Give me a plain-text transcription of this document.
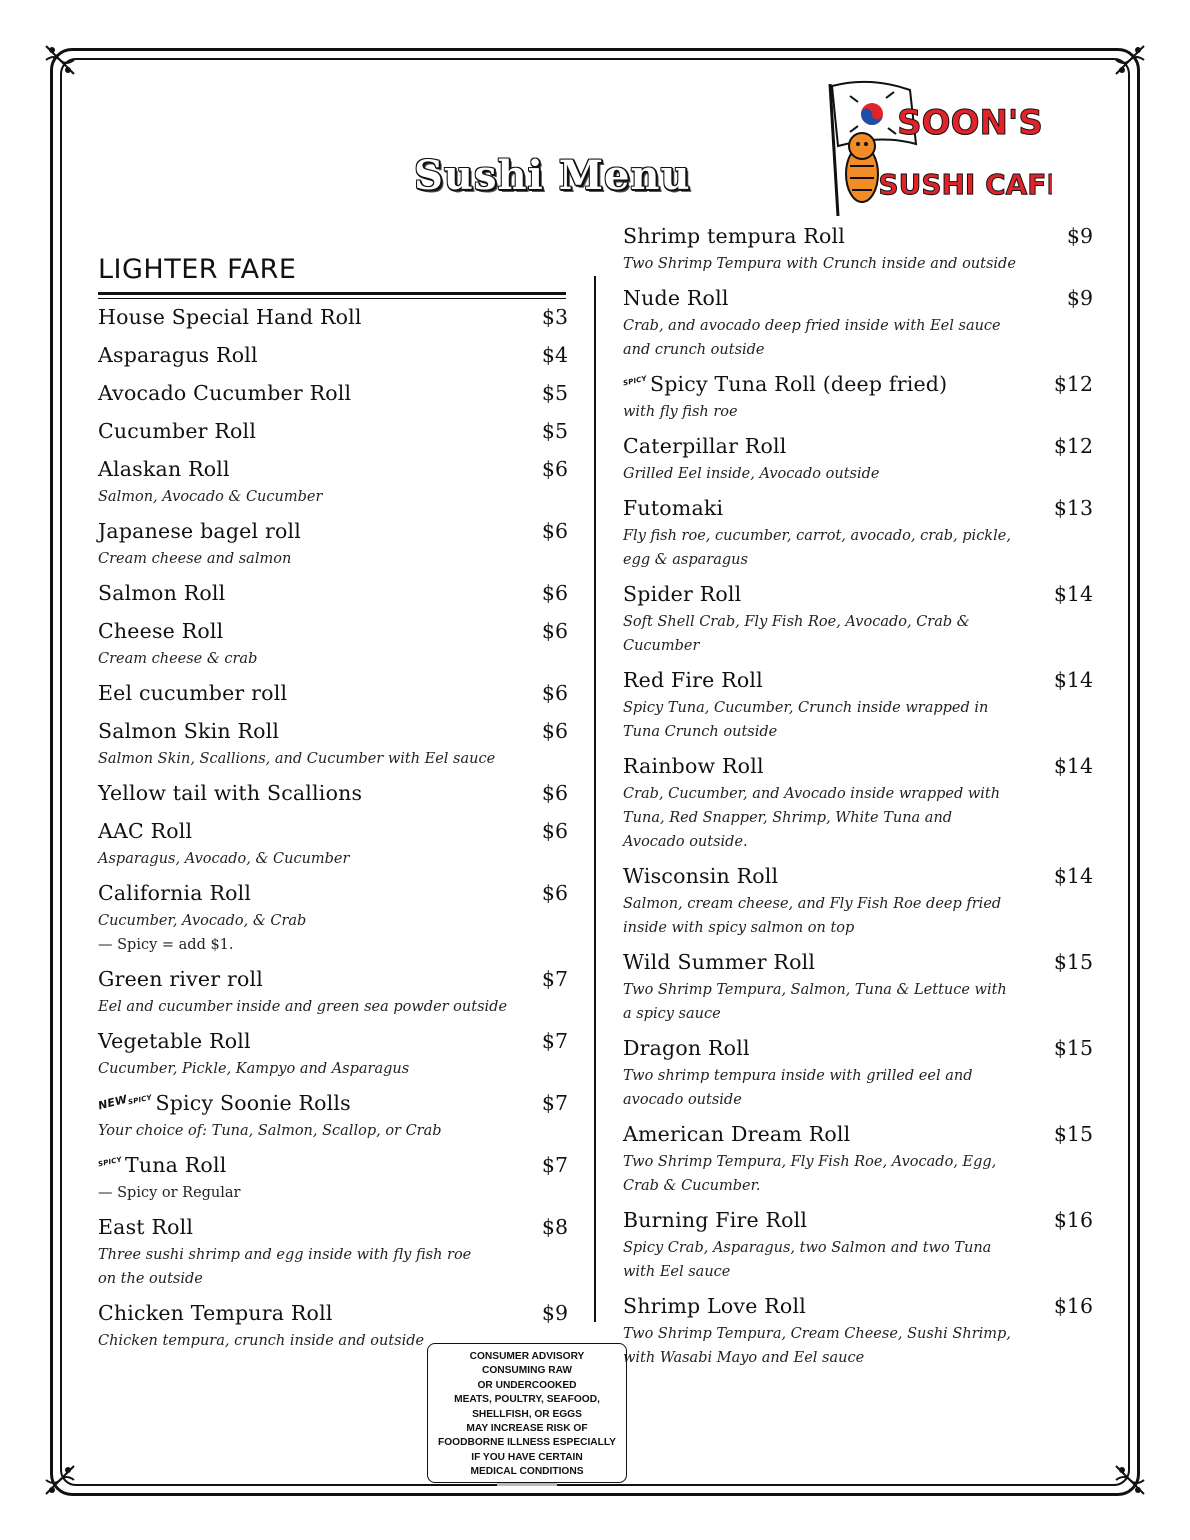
Sushi Menu
SOON'S
SUSHI CAFE
LIGHTER FARE
House Special Hand Roll	$3
Asparagus Roll	$4
Avocado Cucumber Roll	$5
Cucumber Roll	$5
Alaskan Roll	$6
Salmon, Avocado & Cucumber
Japanese bagel roll	$6
Cream cheese and salmon
Salmon Roll	$6
Cheese Roll	$6
Cream cheese & crab
Eel cucumber roll	$6
Salmon Skin Roll	$6
Salmon Skin, Scallions, and Cucumber with Eel sauce
Yellow tail with Scallions	$6
AAC Roll	$6
Asparagus, Avocado, & Cucumber
California Roll	$6
Cucumber, Avocado, & Crab
— Spicy = add $1.
Green river roll	$7
Eel and cucumber inside and green sea powder outside
Vegetable Roll	$7
Cucumber, Pickle, Kampyo and Asparagus
NEW SPICY Spicy Soonie Rolls	$7
Your choice of: Tuna, Salmon, Scallop, or Crab
SPICY Tuna Roll	$7
— Spicy or Regular
East Roll	$8
Three sushi shrimp and egg inside with fly fish roe on the outside
Chicken Tempura Roll	$9
Chicken tempura, crunch inside and outside
Shrimp tempura Roll	$9
Two Shrimp Tempura with Crunch inside and outside
Nude Roll	$9
Crab, and avocado deep fried inside with Eel sauce and crunch outside
SPICY Spicy Tuna Roll (deep fried)	$12
with fly fish roe
Caterpillar Roll	$12
Grilled Eel inside, Avocado outside
Futomaki	$13
Fly fish roe, cucumber, carrot, avocado, crab, pickle, egg & asparagus
Spider Roll	$14
Soft Shell Crab, Fly Fish Roe, Avocado, Crab & Cucumber
Red Fire Roll	$14
Spicy Tuna, Cucumber, Crunch inside wrapped in Tuna Crunch outside
Rainbow Roll	$14
Crab, Cucumber, and Avocado inside wrapped with Tuna, Red Snapper, Shrimp, White Tuna and Avocado outside.
Wisconsin Roll	$14
Salmon, cream cheese, and Fly Fish Roe deep fried inside with spicy salmon on top
Wild Summer Roll	$15
Two Shrimp Tempura, Salmon, Tuna & Lettuce with a spicy sauce
Dragon Roll	$15
Two shrimp tempura inside with grilled eel and avocado outside
American Dream Roll	$15
Two Shrimp Tempura, Fly Fish Roe, Avocado, Egg, Crab & Cucumber.
Burning Fire Roll	$16
Spicy Crab, Asparagus, two Salmon and two Tuna with Eel sauce
Shrimp Love Roll	$16
Two Shrimp Tempura, Cream Cheese, Sushi Shrimp, with Wasabi Mayo and Eel sauce
CONSUMER ADVISORY
CONSUMING RAW
OR UNDERCOOKED
MEATS, POULTRY, SEAFOOD,
SHELLFISH, OR EGGS
MAY INCREASE RISK OF
FOODBORNE ILLNESS ESPECIALLY
IF YOU HAVE CERTAIN
MEDICAL CONDITIONS
